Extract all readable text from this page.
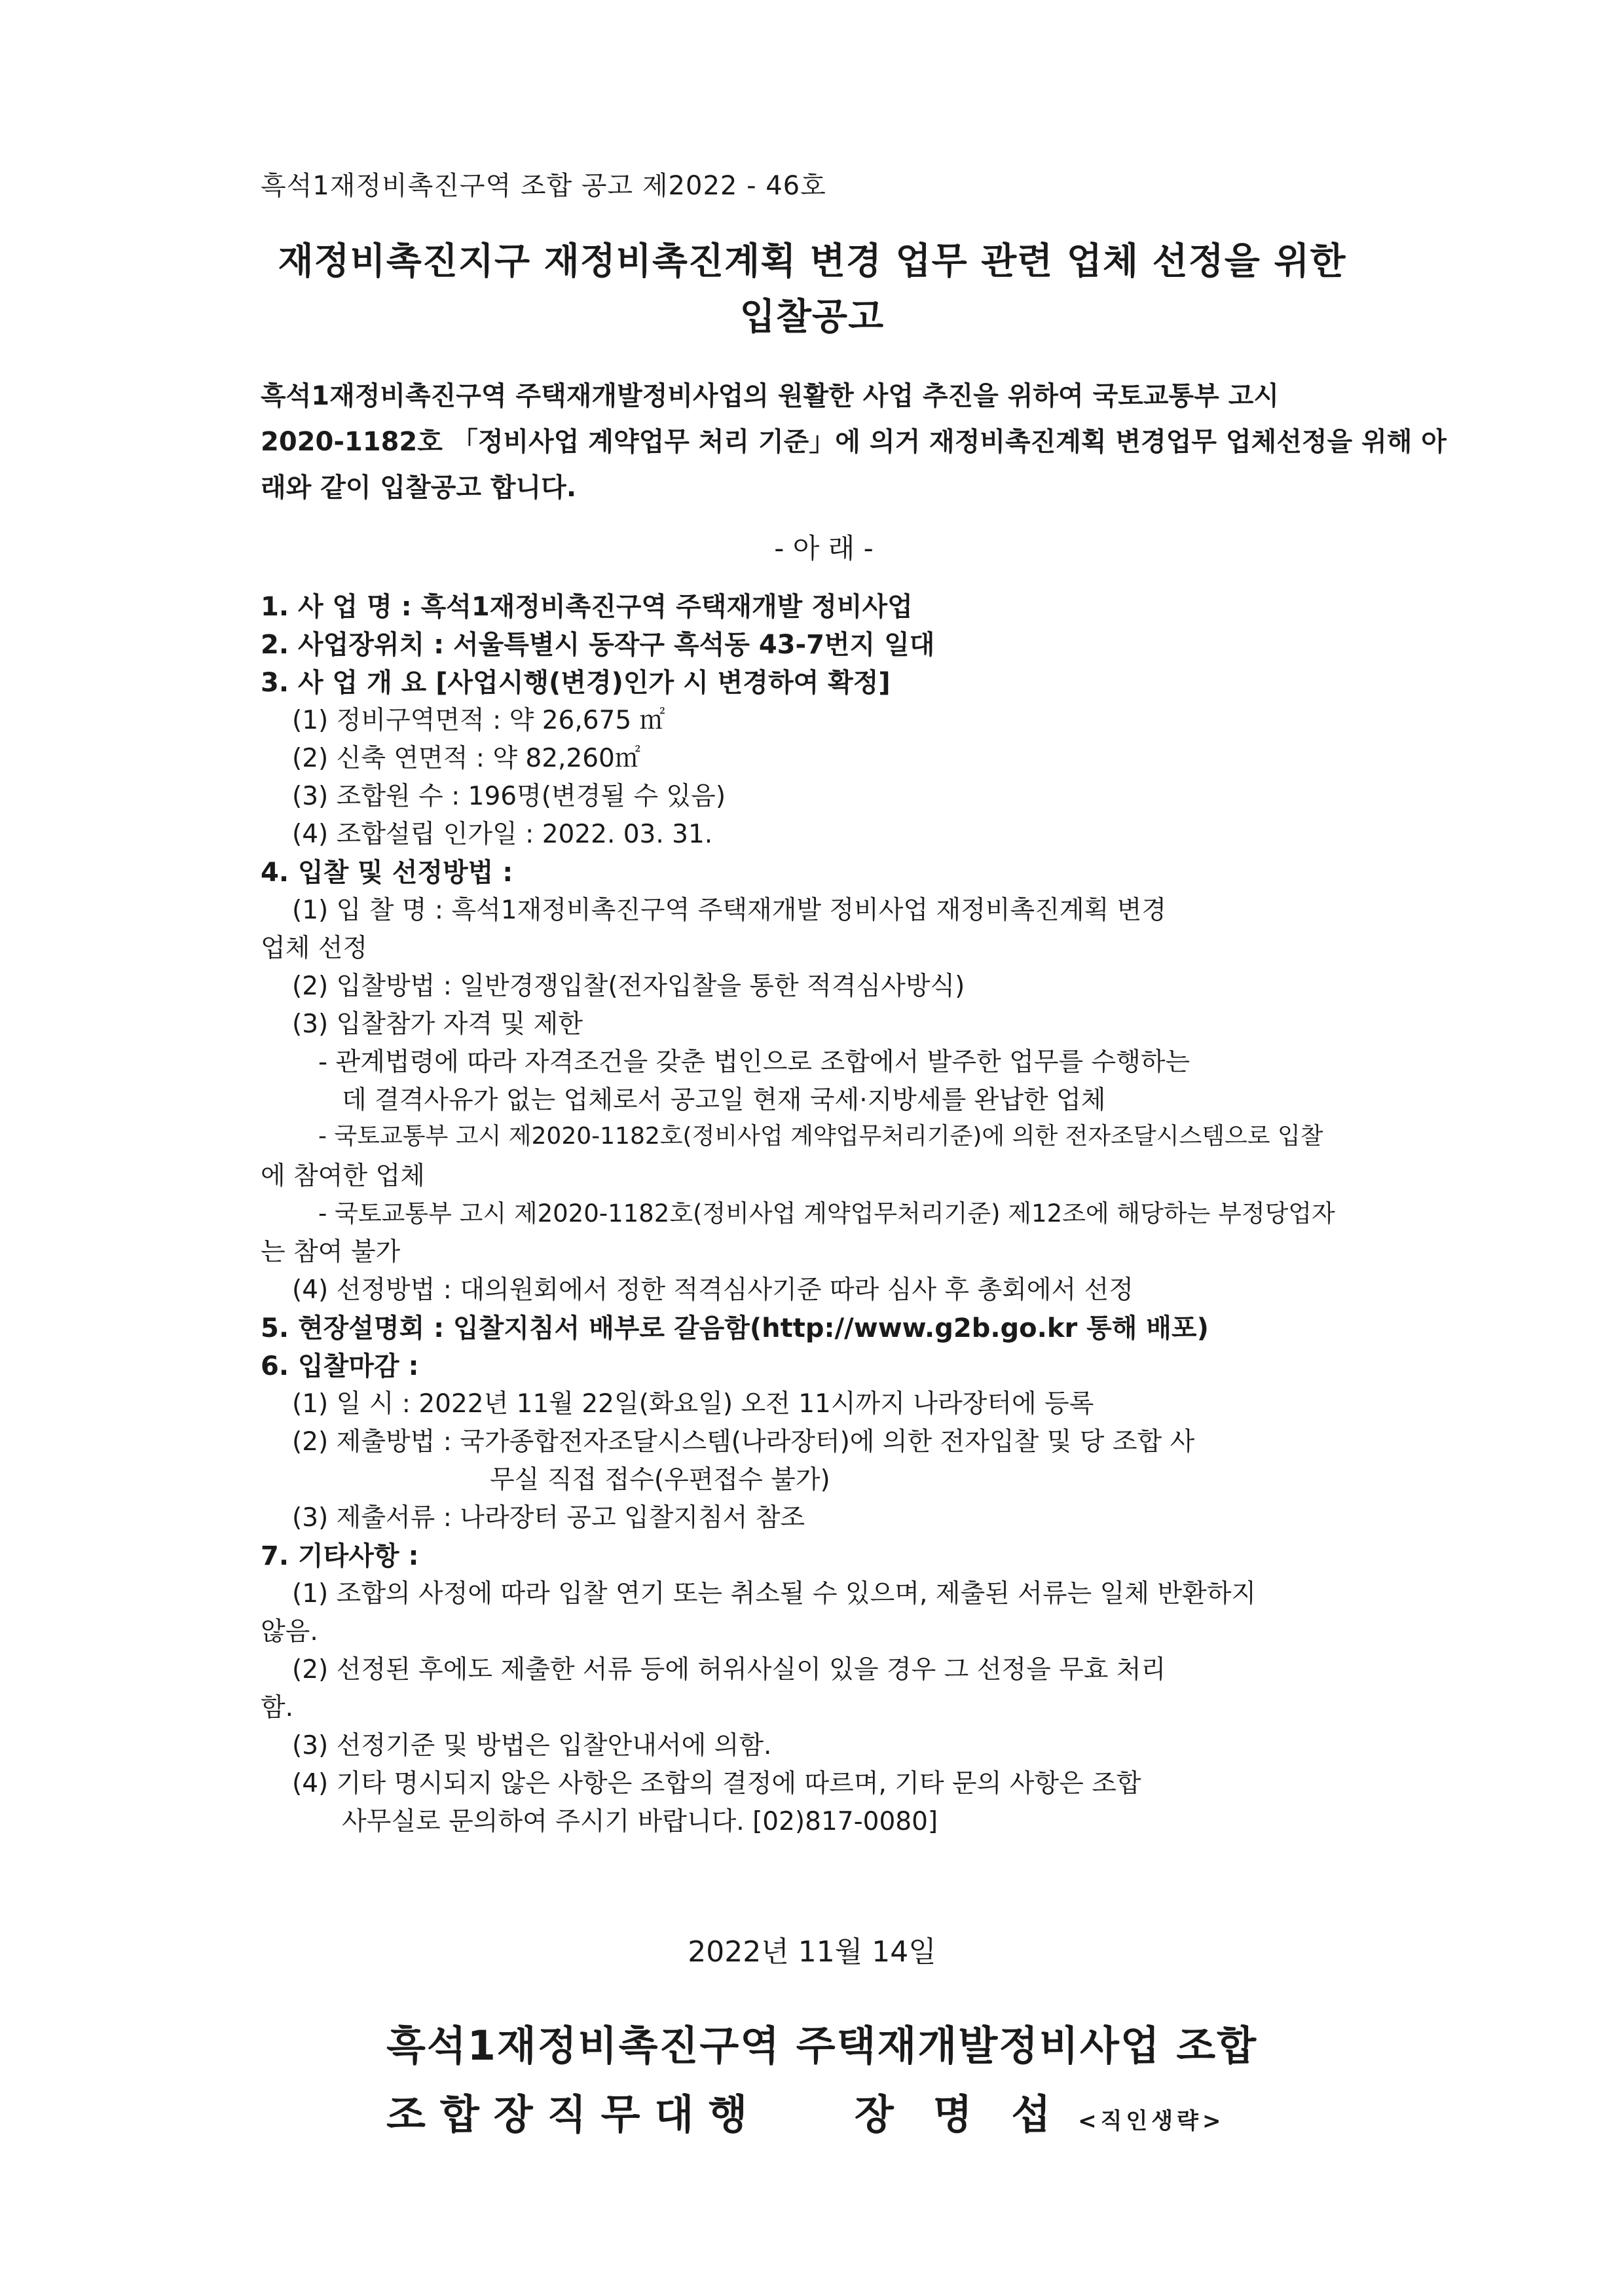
흑석1재정비촉진구역 조합 공고 제2022 - 46호
재정비촉진지구 재정비촉진계획 변경 업무 관련 업체 선정을 위한
입찰공고

흑석1재정비촉진구역 주택재개발정비사업의 원활한 사업 추진을 위하여 국토교통부 고시

2020-1182호 「정비사업 계약업무 처리 기준」에 의거 재정비촉진계획 변경업무 업체선정을 위해 아

래와 같이 입찰공고 합니다.

- 아 래 -
1. 사 업 명 : 흑석1재정비촉진구역 주택재개발 정비사업
2. 사업장위치 : 서울특별시 동작구 흑석동 43-7번지 일대
3. 사 업 개 요 [사업시행(변경)인가 시 변경하여 확정]
(1) 정비구역면적 : 약 26,675 ㎡
(2) 신축 연면적 : 약 82,260㎡
(3) 조합원 수 : 196명(변경될 수 있음)
(4) 조합설립 인가일 : 2022. 03. 31.
4. 입찰 및 선정방법 :
(1) 입 찰 명 : 흑석1재정비촉진구역 주택재개발 정비사업 재정비촉진계획 변경
업체 선정
(2) 입찰방법 : 일반경쟁입찰(전자입찰을 통한 적격심사방식)
(3) 입찰참가 자격 및 제한
- 관계법령에 따라 자격조건을 갖춘 법인으로 조합에서 발주한 업무를 수행하는
데 결격사유가 없는 업체로서 공고일 현재 국세·지방세를 완납한 업체
- 국토교통부 고시 제2020-1182호(정비사업 계약업무처리기준)에 의한 전자조달시스템으로 입찰
에 참여한 업체
- 국토교통부 고시 제2020-1182호(정비사업 계약업무처리기준) 제12조에 해당하는 부정당업자
는 참여 불가
(4) 선정방법 : 대의원회에서 정한 적격심사기준 따라 심사 후 총회에서 선정
5. 현장설명회 : 입찰지침서 배부로 갈음함(http://www.g2b.go.kr 통해 배포)
6. 입찰마감 :
(1) 일 시 : 2022년 11월 22일(화요일) 오전 11시까지 나라장터에 등록
(2) 제출방법 : 국가종합전자조달시스템(나라장터)에 의한 전자입찰 및 당 조합 사
무실 직접 접수(우편접수 불가)
(3) 제출서류 : 나라장터 공고 입찰지침서 참조
7. 기타사항 :
(1) 조합의 사정에 따라 입찰 연기 또는 취소될 수 있으며, 제출된 서류는 일체 반환하지
않음.
(2) 선정된 후에도 제출한 서류 등에 허위사실이 있을 경우 그 선정을 무효 처리
함.
(3) 선정기준 및 방법은 입찰안내서에 의함.
(4) 기타 명시되지 않은 사항은 조합의 결정에 따르며, 기타 문의 사항은 조합
사무실로 문의하여 주시기 바랍니다. [02)817-0080]
2022년 11월 14일
흑석1재정비촉진구역 주택재개발정비사업 조합
조합장직무대행 장명섭 <직인생략>
